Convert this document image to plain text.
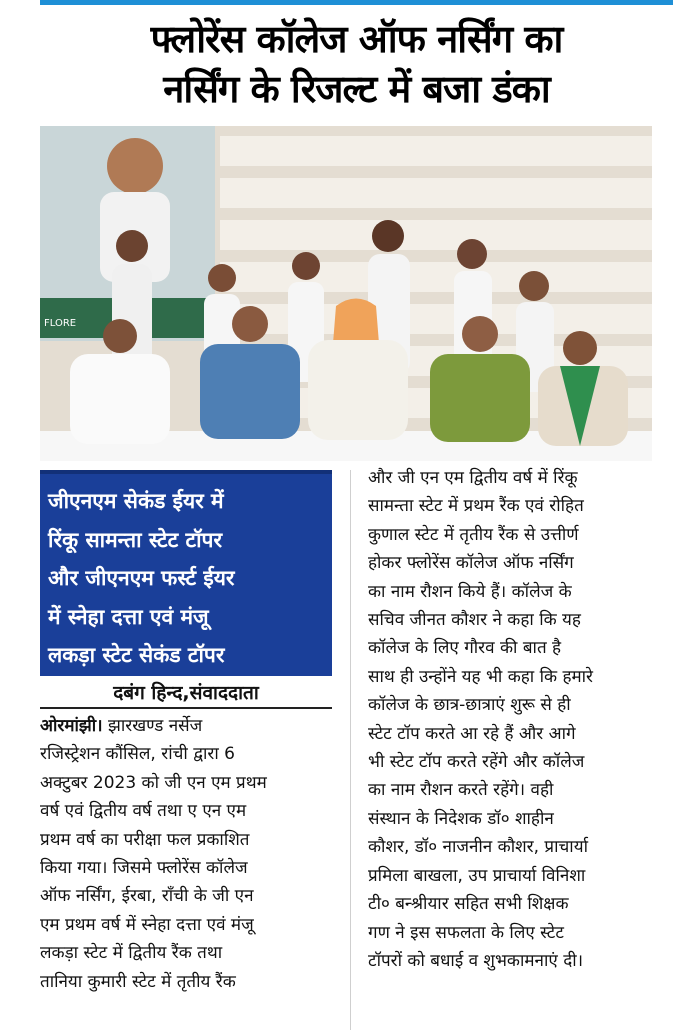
फ्लोरेंस कॉलेज ऑफ नर्सिंग का
नर्सिंग के रिजल्ट में बजा डंका
FLORE
जीएनएम सेकंड ईयर में
रिंकू सामन्ता स्टेट टॉपर
और जीएनएम फर्स्ट ईयर
में स्नेहा दत्ता एवं मंजू
लकड़ा स्टेट सेकंड टॉपर
दबंग हिन्द,संवाददाता
ओरमांझी। झारखण्ड नर्सेज
रजिस्ट्रेशन कौंसिल, रांची द्वारा 6
अक्टुबर 2023 को जी एन एम प्रथम
वर्ष एवं द्वितीय वर्ष तथा ए एन एम
प्रथम वर्ष का परीक्षा फल प्रकाशित
किया गया। जिसमे फ्लोरेंस कॉलेज
ऑफ नर्सिंग, ईरबा, राँची के जी एन
एम प्रथम वर्ष में स्नेहा दत्ता एवं मंजू
लकड़ा स्टेट में द्वितीय रैंक तथा
तानिया कुमारी स्टेट में तृतीय रैंक
और जी एन एम द्वितीय वर्ष में रिंकू
सामन्ता स्टेट में प्रथम रैंक एवं रोहित
कुणाल स्टेट में तृतीय रैंक से उत्तीर्ण
होकर फ्लोरेंस कॉलेज ऑफ नर्सिंग
का नाम रौशन किये हैं। कॉलेज के
सचिव जीनत कौशर ने कहा कि यह
कॉलेज के लिए गौरव की बात है
साथ ही उन्होंने यह भी कहा कि हमारे
कॉलेज के छात्र-छात्राएं शुरू से ही
स्टेट टॉप करते आ रहे हैं और आगे
भी स्टेट टॉप करते रहेंगे और कॉलेज
का नाम रौशन करते रहेंगे। वही
संस्थान के निदेशक डॉ० शाहीन
कौशर, डॉ० नाजनीन कौशर, प्राचार्या
प्रमिला बाखला, उप प्राचार्या विनिशा
टी० बन्श्रीयार सहित सभी शिक्षक
गण ने इस सफलता के लिए स्टेट
टॉपरों को बधाई व शुभकामनाएं दी।
